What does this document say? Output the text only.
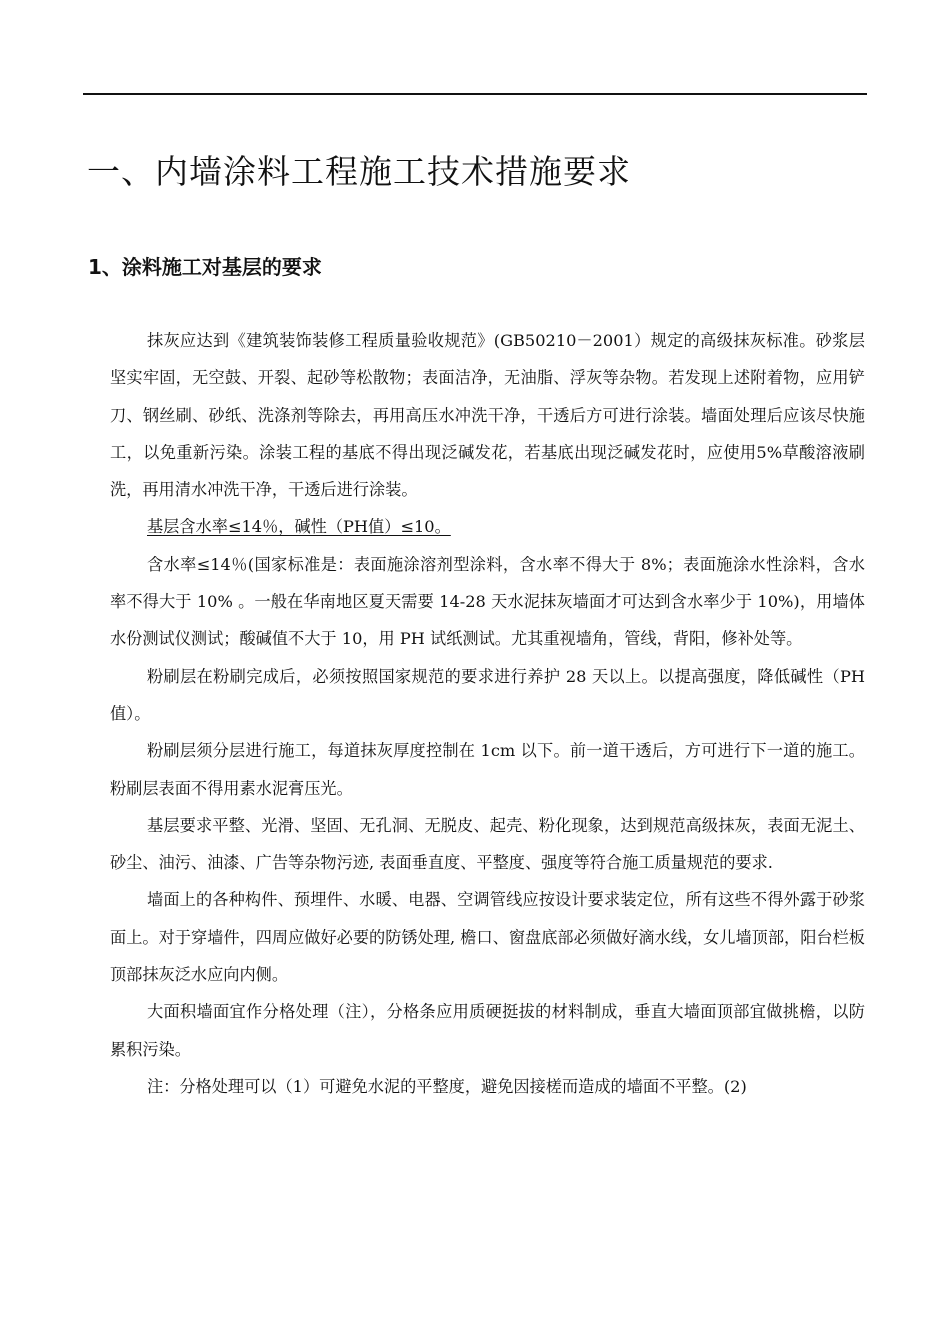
一、内墙涂料工程施工技术措施要求
1、涂料施工对基层的要求

抹灰应达到《建筑装饰装修工程质量验收规范》(GB50210－2001）规定的高级抹灰标准。砂浆层坚实牢固，无空鼓、开裂、起砂等松散物；表面洁净，无油脂、浮灰等杂物。若发现上述附着物，应用铲刀、钢丝刷、砂纸、洗涤剂等除去，再用高压水冲洗干净，干透后方可进行涂装。墙面处理后应该尽快施工，以免重新污染。涂装工程的基底不得出现泛碱发花，若基底出现泛碱发花时，应使用5%草酸溶液刷洗，再用清水冲洗干净，干透后进行涂装。

基层含水率≤14％，碱性（PH值）≤10。

含水率≤14％(国家标准是：表面施涂溶剂型涂料，含水率不得大于 8%；表面施涂水性涂料，含水率不得大于 10% 。一般在华南地区夏天需要 14-28 天水泥抹灰墙面才可达到含水率少于 10%)，用墙体水份测试仪测试；酸碱值不大于 10，用 PH 试纸测试。尤其重视墙角，管线，背阳，修补处等。

粉刷层在粉刷完成后，必须按照国家规范的要求进行养护 28 天以上。以提高强度，降低碱性（PH 值）。

粉刷层须分层进行施工，每道抹灰厚度控制在 1cm 以下。前一道干透后，方可进行下一道的施工。粉刷层表面不得用素水泥膏压光。

基层要求平整、光滑、坚固、无孔洞、无脱皮、起壳、粉化现象，达到规范高级抹灰，表面无泥土、砂尘、油污、油漆、广告等杂物污迹, 表面垂直度、平整度、强度等符合施工质量规范的要求.

墙面上的各种构件、预埋件、水暖、电器、空调管线应按设计要求装定位，所有这些不得外露于砂浆面上。对于穿墙件，四周应做好必要的防锈处理, 檐口、窗盘底部必须做好滴水线，女儿墙顶部，阳台栏板顶部抹灰泛水应向内侧。

大面积墙面宜作分格处理（注），分格条应用质硬挺拔的材料制成，垂直大墙面顶部宜做挑檐，以防累积污染。

注：分格处理可以（1）可避免水泥的平整度，避免因接槎而造成的墙面不平整。(2)
